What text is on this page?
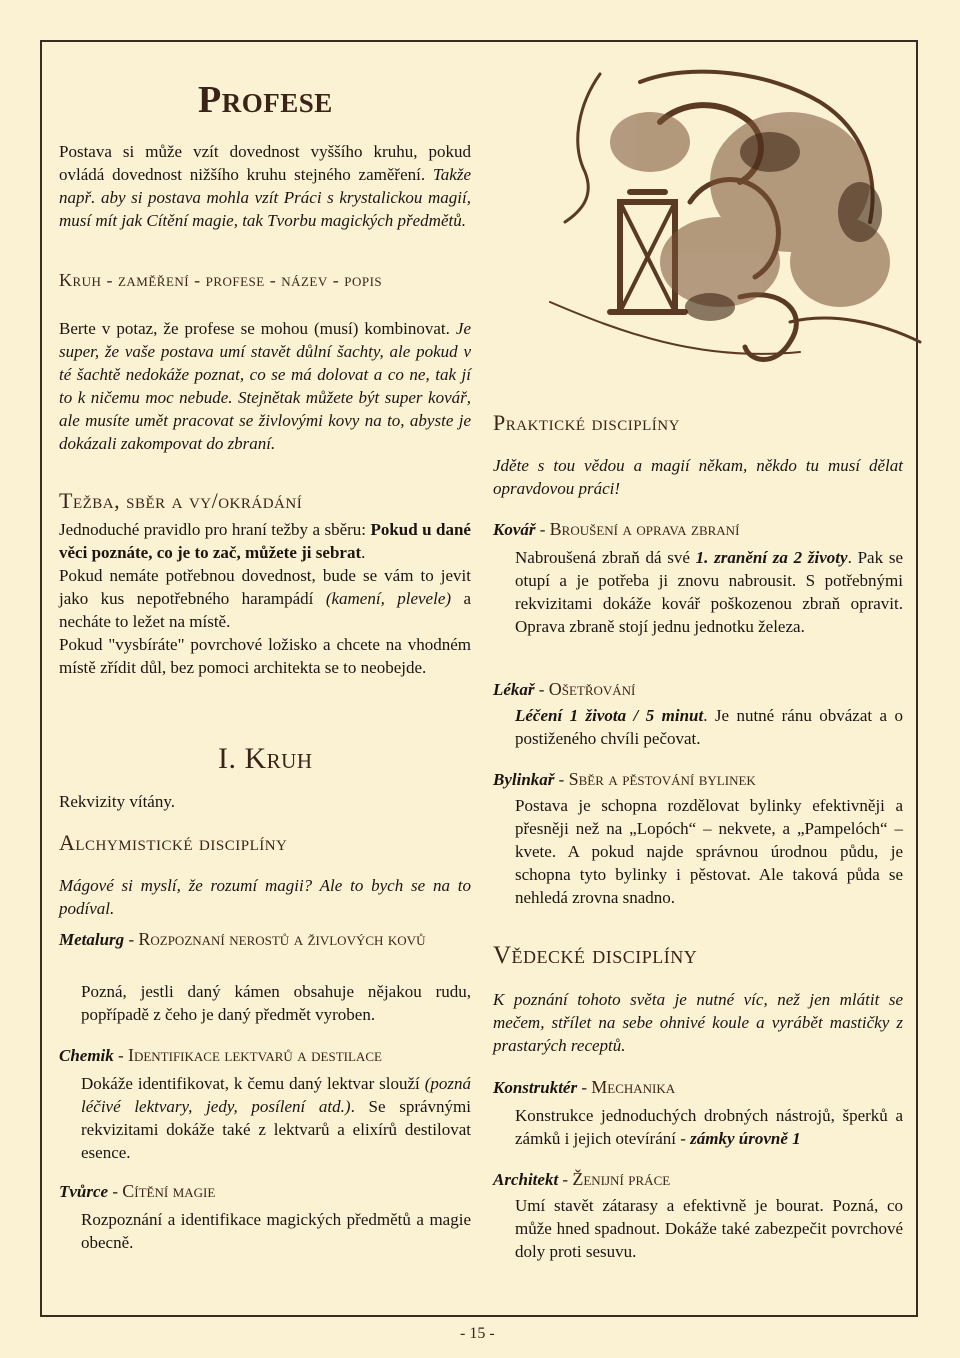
Profese
Postava si může vzít dovednost vyššího kruhu, pokud ovládá dovednost nižšího kruhu stejného zaměření. Takže např. aby si postava mohla vzít Práci s krystalickou magií, musí mít jak Cítění magie, tak Tvorbu magických předmětů.
Kruh - zaměření - profese - název - popis
Berte v potaz, že profese se mohou (musí) kombinovat. Je super, že vaše postava umí stavět důlní šachty, ale pokud v té šachtě nedokáže poznat, co se má dolovat a co ne, tak jí to k ničemu moc nebude. Stejnětak můžete být super kovář, ale musíte umět pracovat se živlovými kovy na to, abyste je dokázali zakompovat do zbraní.
Težba, sběr a vy/okrádání
Jednoduché pravidlo pro hraní težby a sběru: Pokud u dané věci poznáte, co je to zač, můžete ji sebrat.
Pokud nemáte potřebnou dovednost, bude se vám to jevit jako kus nepotřebného harampádí (kamení, plevele) a necháte to ležet na místě.
Pokud "vysbíráte" povrchové ložisko a chcete na vhodném místě zřídit důl, bez pomoci architekta se to neobejde.
I. Kruh
Rekvizity vítány.
Alchymistické disciplíny
Mágové si myslí, že rozumí magii? Ale to bych se na to podíval.
Metalurg - Rozpoznaní nerostů a živlových kovů
Pozná, jestli daný kámen obsahuje nějakou rudu, popřípadě z čeho je daný předmět vyroben.
Chemik - Identifikace lektvarů a destilace
Dokáže identifikovat, k čemu daný lektvar slouží (pozná léčivé lektvary, jedy, posílení atd.). Se správnými rekvizitami dokáže také z lektvarů a elixírů destilovat esence.
Tvůrce - Cítění magie
Rozpoznání a identifikace magických předmětů a magie obecně.
Praktické disciplíny
Jděte s tou vědou a magií někam, někdo tu musí dělat opravdovou práci!
Kovář - Broušení a oprava zbraní
Nabroušená zbraň dá své 1. zranění za 2 životy. Pak se otupí a je potřeba ji znovu nabrousit. S potřebnými rekvizitami dokáže kovář poškozenou zbraň opravit. Oprava zbraně stojí jednu jednotku železa.
Lékař - Ošetřování
Léčení 1 života / 5 minut. Je nutné ránu obvázat a o postiženého chvíli pečovat.
Bylinkař - Sběr a pěstování bylinek
Postava je schopna rozdělovat bylinky efektivněji a přesněji než na „Lopóch“ – nekvete, a „Pampelóch“ – kvete. A pokud najde správnou úrodnou půdu, je schopna tyto bylinky i pěstovat. Ale taková půda se nehledá zrovna snadno.
Vědecké disciplíny
K poznání tohoto světa je nutné víc, než jen mlátit se mečem, střílet na sebe ohnivé koule a vyrábět mastičky z prastarých receptů.
Konstruktér - Mechanika
Konstrukce jednoduchých drobných nástrojů, šperků a zámků i jejich otevírání - zámky úrovně 1
Architekt - Ženijní práce
Umí stavět zátarasy a efektivně je bourat. Pozná, co může hned spadnout. Dokáže také zabezpečit povrchové doly proti sesuvu.
- 15 -
